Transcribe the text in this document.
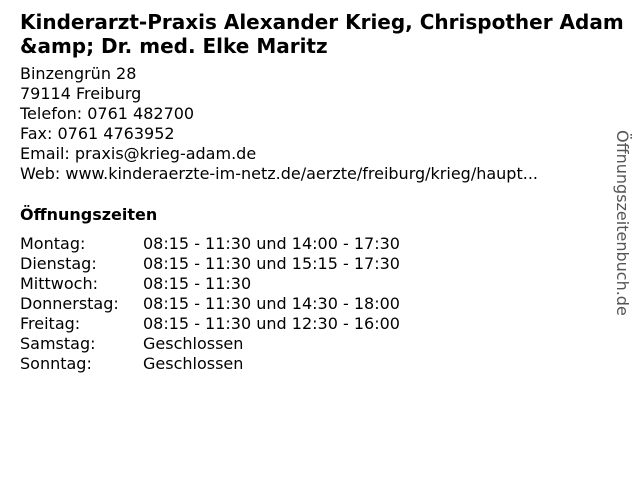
Kinderarzt-Praxis Alexander Krieg, Chrispother Adam &amp; Dr. med. Elke Maritz
Binzengrün 28
79114 Freiburg
Telefon: 0761 482700
Fax: 0761 4763952
Email: praxis@krieg-adam.de
Web: www.kinderaerzte-im-netz.de/aerzte/freiburg/krieg/haupt...
Öffnungszeiten
Montag:	08:15 - 11:30 und 14:00 - 17:30
Dienstag:	08:15 - 11:30 und 15:15 - 17:30
Mittwoch:	08:15 - 11:30
Donnerstag: 08:15 - 11:30 und 14:30 - 18:00
Freitag:	08:15 - 11:30 und 12:30 - 16:00
Samstag:	Geschlossen
Sonntag:	Geschlossen
Öffnungszeitenbuch.de
